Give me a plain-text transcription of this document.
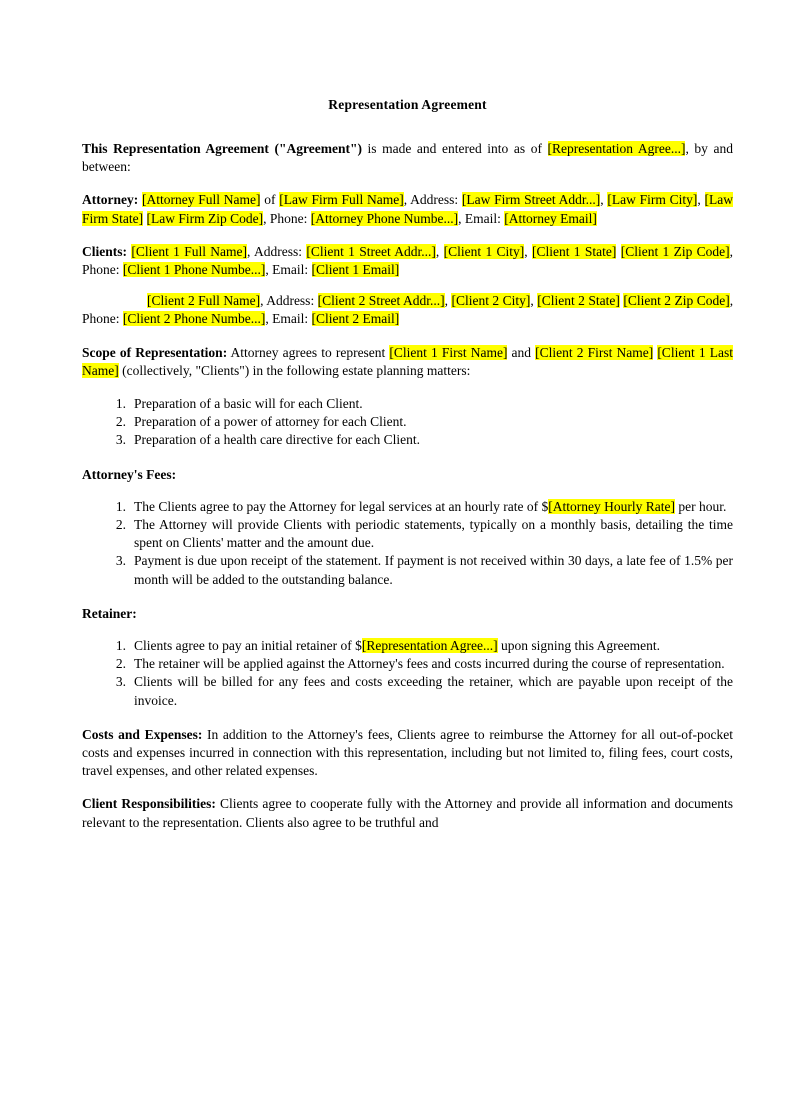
Representation Agreement

This Representation Agreement ("Agreement") is made and entered into as of [Representation Agree...], by and between:

Attorney: [Attorney Full Name] of [Law Firm Full Name], Address: [Law Firm Street Addr...], [Law Firm City], [Law Firm State] [Law Firm Zip Code], Phone: [Attorney Phone Numbe...], Email: [Attorney Email]

Clients: [Client 1 Full Name], Address: [Client 1 Street Addr...], [Client 1 City], [Client 1 State] [Client 1 Zip Code], Phone: [Client 1 Phone Numbe...], Email: [Client 1 Email]

[Client 2 Full Name], Address: [Client 2 Street Addr...], [Client 2 City], [Client 2 State] [Client 2 Zip Code], Phone: [Client 2 Phone Numbe...], Email: [Client 2 Email]

Scope of Representation: Attorney agrees to represent [Client 1 First Name] and [Client 2 First Name] [Client 1 Last Name] (collectively, "Clients") in the following estate planning matters:

Preparation of a basic will for each Client.
Preparation of a power of attorney for each Client.
Preparation of a health care directive for each Client.
Attorney's Fees:
The Clients agree to pay the Attorney for legal services at an hourly rate of $[Attorney Hourly Rate] per hour.
The Attorney will provide Clients with periodic statements, typically on a monthly basis, detailing the time spent on Clients' matter and the amount due.
Payment is due upon receipt of the statement. If payment is not received within 30 days, a late fee of 1.5% per month will be added to the outstanding balance.
Retainer:
Clients agree to pay an initial retainer of $[Representation Agree...] upon signing this Agreement.
The retainer will be applied against the Attorney's fees and costs incurred during the course of representation.
Clients will be billed for any fees and costs exceeding the retainer, which are payable upon receipt of the invoice.

Costs and Expenses: In addition to the Attorney's fees, Clients agree to reimburse the Attorney for all out-of-pocket costs and expenses incurred in connection with this representation, including but not limited to, filing fees, court costs, travel expenses, and other related expenses.

Client Responsibilities: Clients agree to cooperate fully with the Attorney and provide all information and documents relevant to the representation. Clients also agree to be truthful and
